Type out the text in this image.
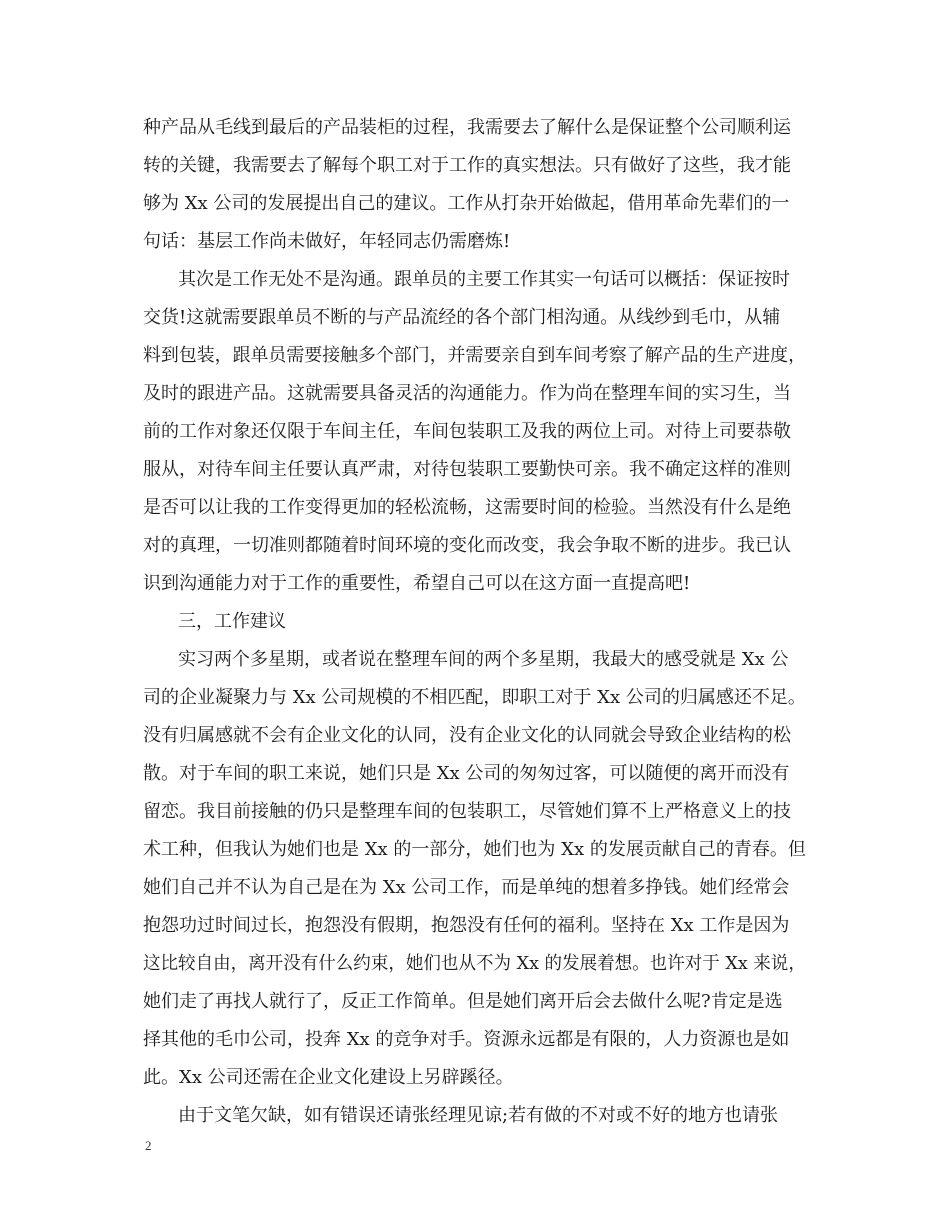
种产品从毛线到最后的产品装柜的过程，我需要去了解什么是保证整个公司顺利运
转的关键，我需要去了解每个职工对于工作的真实想法。只有做好了这些，我才能
够为 Xx 公司的发展提出自己的建议。工作从打杂开始做起，借用革命先辈们的一
句话：基层工作尚未做好，年轻同志仍需磨炼!
其次是工作无处不是沟通。跟单员的主要工作其实一句话可以概括：保证按时
交货!这就需要跟单员不断的与产品流经的各个部门相沟通。从线纱到毛巾，从辅
料到包装，跟单员需要接触多个部门，并需要亲自到车间考察了解产品的生产进度，
及时的跟进产品。这就需要具备灵活的沟通能力。作为尚在整理车间的实习生，当
前的工作对象还仅限于车间主任，车间包装职工及我的两位上司。对待上司要恭敬
服从，对待车间主任要认真严肃，对待包装职工要勤快可亲。我不确定这样的准则
是否可以让我的工作变得更加的轻松流畅，这需要时间的检验。当然没有什么是绝
对的真理，一切准则都随着时间环境的变化而改变，我会争取不断的进步。我已认
识到沟通能力对于工作的重要性，希望自己可以在这方面一直提高吧!
三，工作建议
实习两个多星期，或者说在整理车间的两个多星期，我最大的感受就是 Xx 公
司的企业凝聚力与 Xx 公司规模的不相匹配，即职工对于 Xx 公司的归属感还不足。
没有归属感就不会有企业文化的认同，没有企业文化的认同就会导致企业结构的松
散。对于车间的职工来说，她们只是 Xx 公司的匆匆过客，可以随便的离开而没有
留恋。我目前接触的仍只是整理车间的包装职工，尽管她们算不上严格意义上的技
术工种，但我认为她们也是 Xx 的一部分，她们也为 Xx 的发展贡献自己的青春。但
她们自己并不认为自己是在为 Xx 公司工作，而是单纯的想着多挣钱。她们经常会
抱怨功过时间过长，抱怨没有假期，抱怨没有任何的福利。坚持在 Xx 工作是因为
这比较自由，离开没有什么约束，她们也从不为 Xx 的发展着想。也许对于 Xx 来说，
她们走了再找人就行了，反正工作简单。但是她们离开后会去做什么呢?肯定是选
择其他的毛巾公司，投奔 Xx 的竞争对手。资源永远都是有限的，人力资源也是如
此。Xx 公司还需在企业文化建设上另辟蹊径。
由于文笔欠缺，如有错误还请张经理见谅;若有做的不对或不好的地方也请张
2
